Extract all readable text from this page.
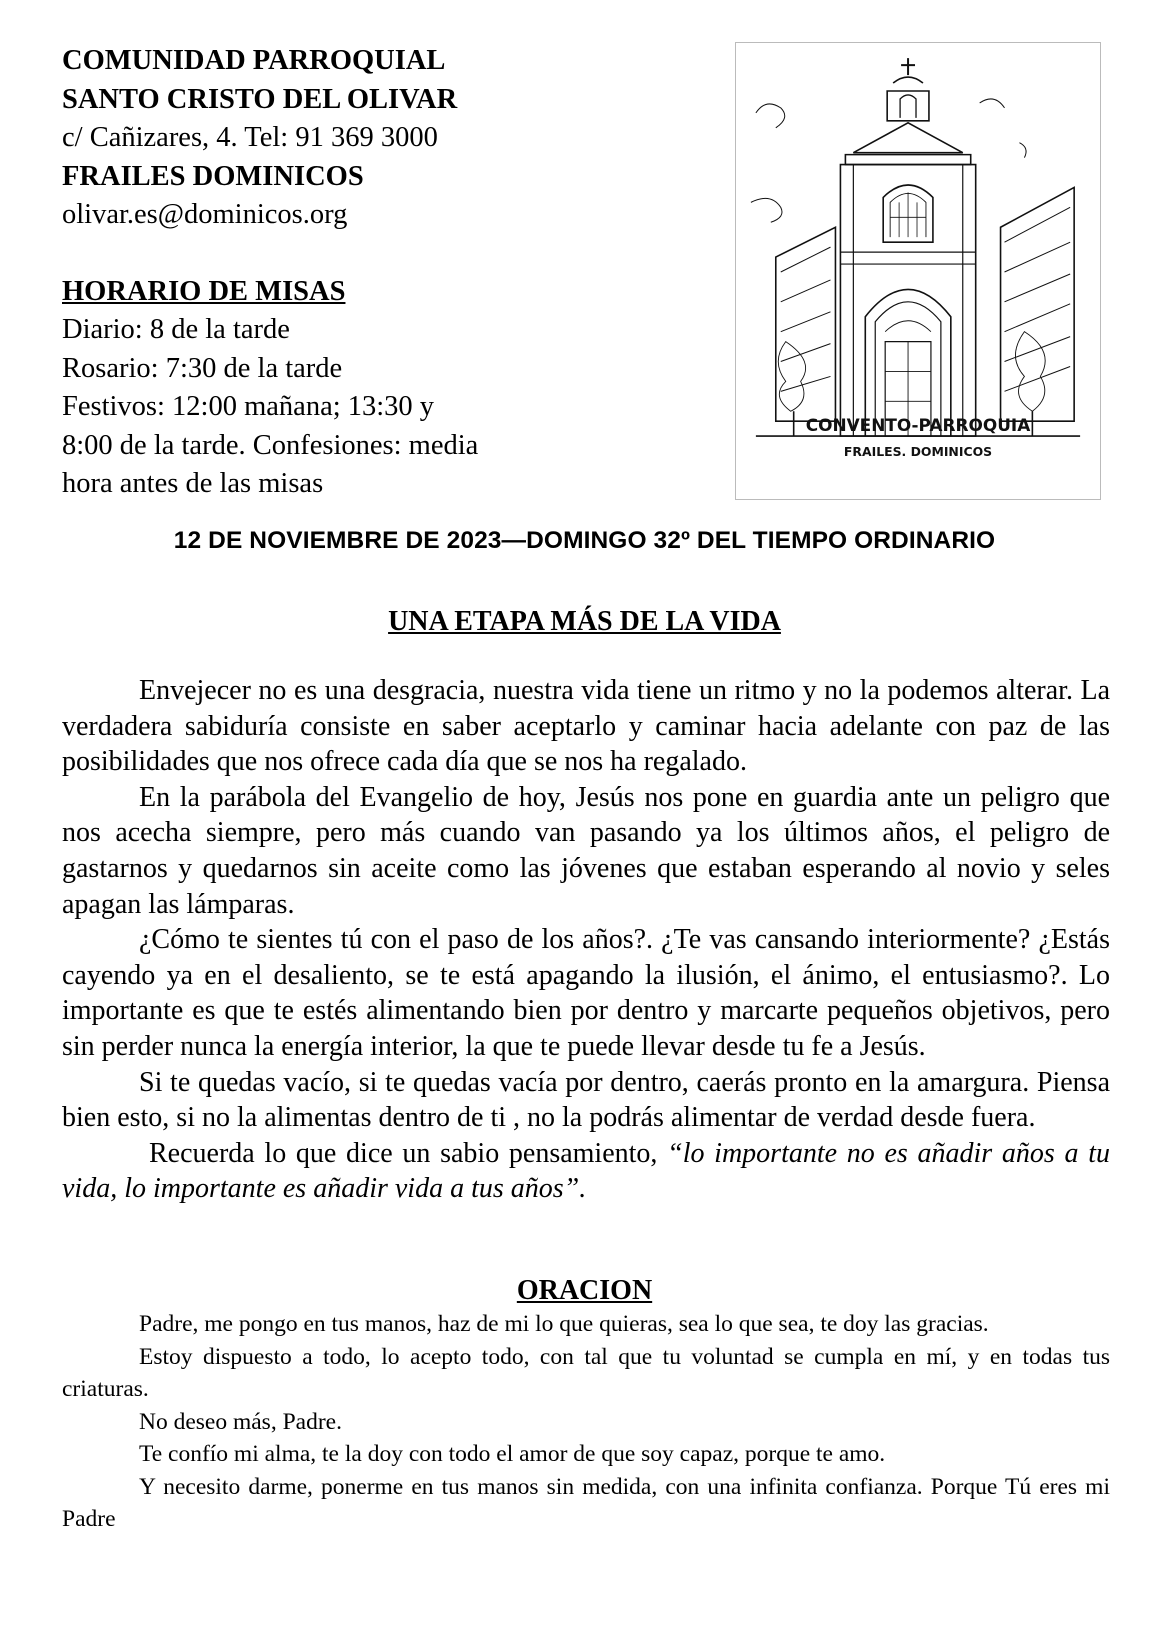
COMUNIDAD PARROQUIAL
SANTO CRISTO DEL OLIVAR
c/ Cañizares, 4. Tel: 91 369 3000
FRAILES DOMINICOS
olivar.es@dominicos.org
HORARIO DE MISAS
Diario: 8 de la tarde
Rosario: 7:30 de la tarde
Festivos: 12:00 mañana; 13:30 y
8:00 de la tarde. Confesiones: media
hora antes de las misas
CONVENTO-PARROQUIA
FRAILES. DOMINICOS
12 DE NOVIEMBRE DE 2023—DOMINGO 32º DEL TIEMPO ORDINARIO
UNA ETAPA MÁS DE LA VIDA

Envejecer no es una desgracia, nuestra vida tiene un ritmo y no la podemos alterar. La verdadera sabiduría consiste en saber aceptarlo y caminar hacia adelante con paz de las posibilidades que nos ofrece cada día que se nos ha regalado.

En la parábola del Evangelio de hoy, Jesús nos pone en guardia ante un peligro que nos acecha siempre, pero más cuando van pasando ya los últimos años, el peligro de gastarnos y quedarnos sin aceite como las jóvenes que estaban esperando al novio y seles apagan las lámparas.

¿Cómo te sientes tú con el paso de los años?. ¿Te vas cansando interiormente? ¿Estás cayendo ya en el desaliento, se te está apagando la ilusión, el ánimo, el entusiasmo?. Lo importante es que te estés alimentando bien por dentro y marcarte pequeños objetivos, pero sin perder nunca la energía interior, la que te puede llevar desde tu fe a Jesús.

Si te quedas vacío, si te quedas vacía por dentro, caerás pronto en la amargura. Piensa bien esto, si no la alimentas dentro de ti , no la podrás alimentar de verdad desde fuera.

Recuerda lo que dice un sabio pensamiento, “lo importante no es añadir años a tu vida, lo importante es añadir vida a tus años”.

ORACION

Padre, me pongo en tus manos, haz de mi lo que quieras, sea lo que sea, te doy las gracias.

Estoy dispuesto a todo, lo acepto todo, con tal que tu voluntad se cumpla en mí, y en todas tus criaturas.

No deseo más, Padre.

Te confío mi alma, te la doy con todo el amor de que soy capaz, porque te amo.

Y necesito darme, ponerme en tus manos sin medida, con una infinita confianza. Porque Tú eres mi Padre
